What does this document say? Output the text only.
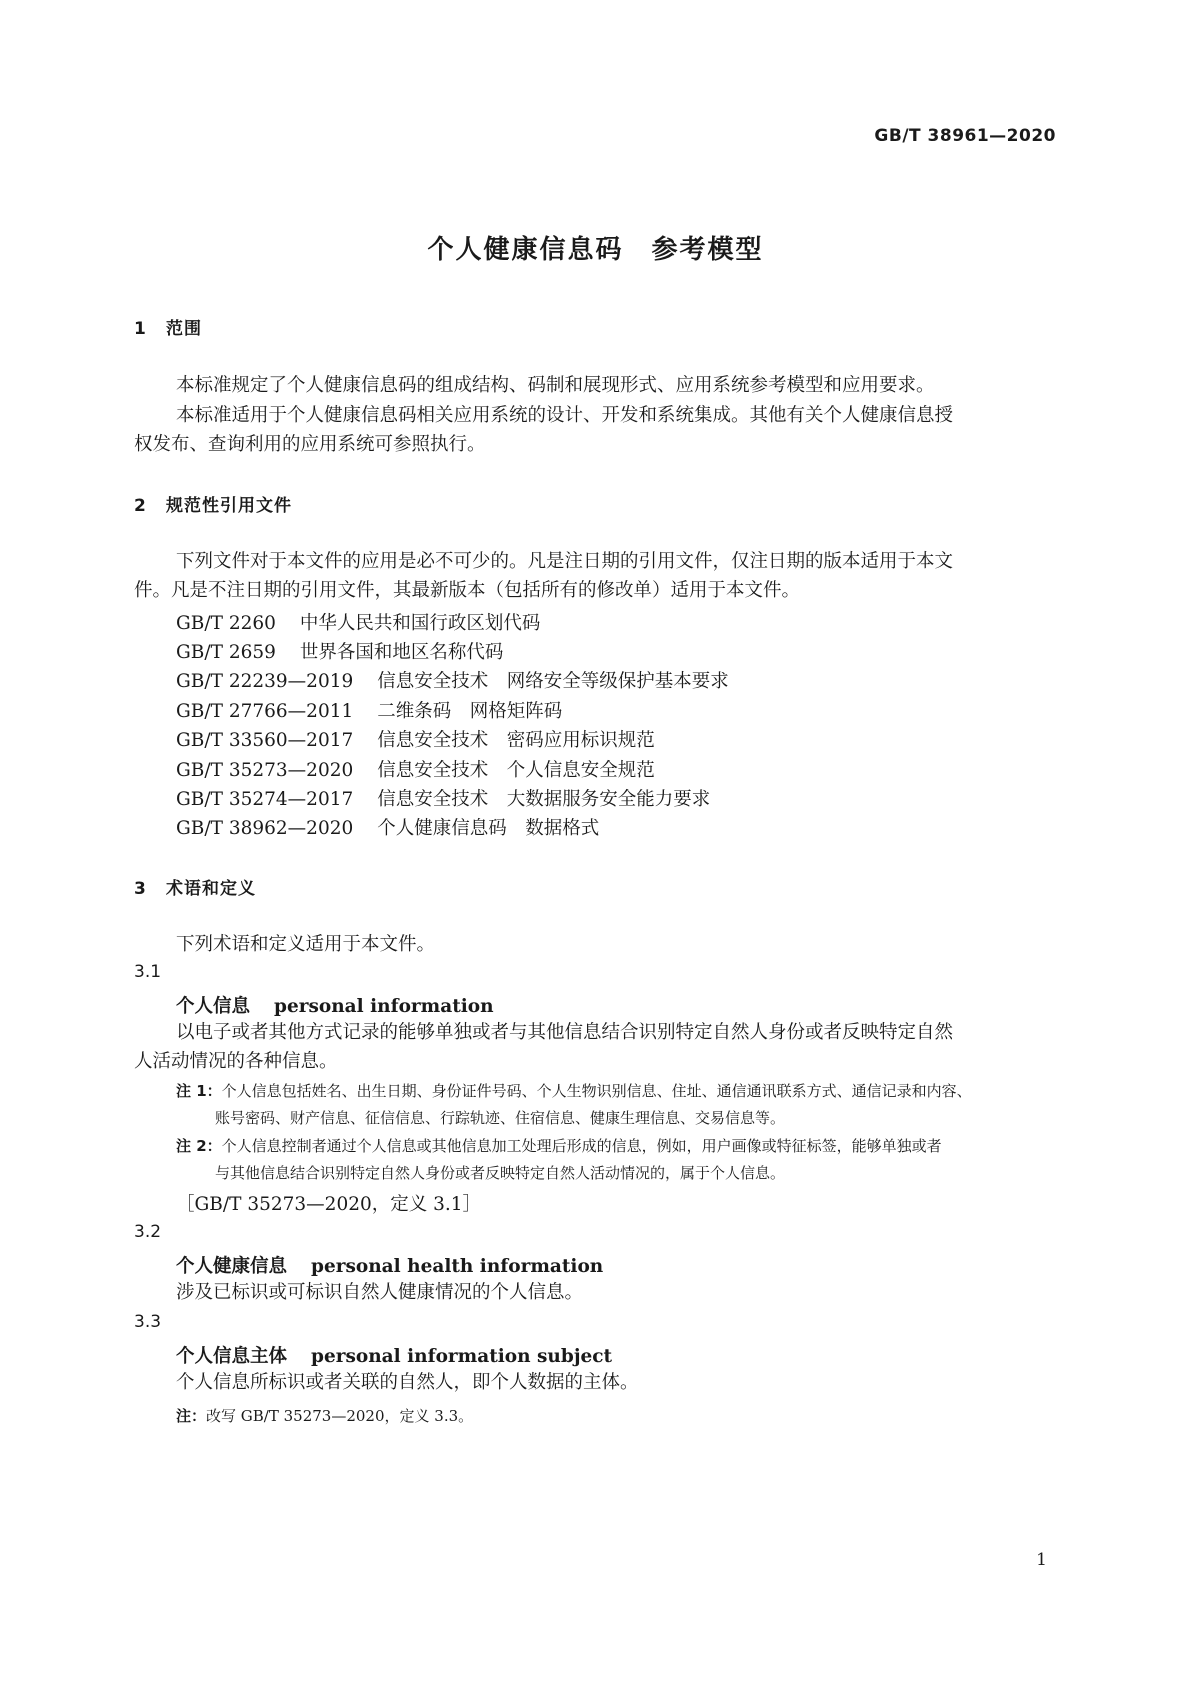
GB/T 38961—2020
个人健康信息码　参考模型
1 范围
本标准规定了个人健康信息码的组成结构、码制和展现形式、应用系统参考模型和应用要求。
本标准适用于个人健康信息码相关应用系统的设计、开发和系统集成。其他有关个人健康信息授
权发布、查询利用的应用系统可参照执行。
2 规范性引用文件
下列文件对于本文件的应用是必不可少的。凡是注日期的引用文件，仅注日期的版本适用于本文
件。凡是不注日期的引用文件，其最新版本（包括所有的修改单）适用于本文件。
GB/T 2260 中华人民共和国行政区划代码
GB/T 2659 世界各国和地区名称代码
GB/T 22239—2019 信息安全技术　网络安全等级保护基本要求
GB/T 27766—2011 二维条码　网格矩阵码
GB/T 33560—2017 信息安全技术　密码应用标识规范
GB/T 35273—2020 信息安全技术　个人信息安全规范
GB/T 35274—2017 信息安全技术　大数据服务安全能力要求
GB/T 38962—2020 个人健康信息码　数据格式
3 术语和定义
下列术语和定义适用于本文件。
3.1
个人信息 personal information
以电子或者其他方式记录的能够单独或者与其他信息结合识别特定自然人身份或者反映特定自然
人活动情况的各种信息。
注 1：个人信息包括姓名、出生日期、身份证件号码、个人生物识别信息、住址、通信通讯联系方式、通信记录和内容、
账号密码、财产信息、征信信息、行踪轨迹、住宿信息、健康生理信息、交易信息等。
注 2：个人信息控制者通过个人信息或其他信息加工处理后形成的信息，例如，用户画像或特征标签，能够单独或者
与其他信息结合识别特定自然人身份或者反映特定自然人活动情况的，属于个人信息。
［GB/T 35273—2020，定义 3.1］
3.2
个人健康信息 personal health information
涉及已标识或可标识自然人健康情况的个人信息。
3.3
个人信息主体 personal information subject
个人信息所标识或者关联的自然人，即个人数据的主体。
注：改写 GB/T 35273—2020，定义 3.3。
1
